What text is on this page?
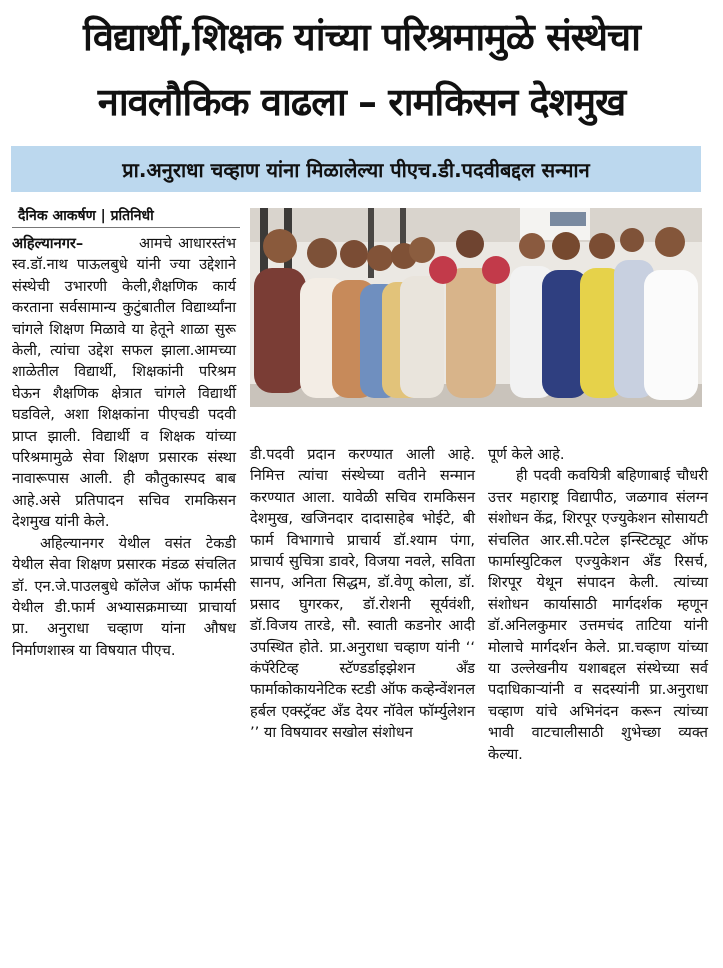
विद्यार्थी,शिक्षक यांच्या परिश्रमामुळे संस्थेचा
नावलौकिक वाढला – रामकिसन देशमुख
प्रा.अनुराधा चव्हाण यांना मिळालेल्या पीएच.डी.पदवीबद्दल सन्मान
दैनिक आकर्षण | प्रतिनिधी

अहिल्यानगर–	आमचे आधारस्तंभ स्व.डॉ.नाथ पाऊलबुधे यांनी ज्या उद्देशाने संस्थेची उभारणी केली,शैक्षणिक कार्य करताना सर्वसामान्य कुटुंबातील विद्यार्थ्यांना चांगले शिक्षण मिळावे या हेतूने शाळा सुरू केली, त्यांचा उद्देश सफल झाला.आमच्या शाळेतील विद्यार्थी, शिक्षकांनी परिश्रम घेऊन शैक्षणिक क्षेत्रात चांगले विद्यार्थी घडविले, अशा शिक्षकांना पीएचडी पदवी प्राप्त झाली. विद्यार्थी व शिक्षक यांच्या परिश्रमामुळे सेवा शिक्षण प्रसारक संस्था नावारूपास आली. ही कौतुकास्पद बाब आहे.असे प्रतिपादन सचिव रामकिसन देशमुख यांनी केले.

अहिल्यानगर येथील वसंत टेकडी येथील सेवा शिक्षण प्रसारक मंडळ संचलित डॉ. एन.जे.पाउलबुधे कॉलेज ऑफ फार्मसी येथील डी.फार्म अभ्यासक्रमाच्या प्राचार्या प्रा. अनुराधा चव्हाण यांना औषध निर्माणशास्त्र या विषयात पीएच.

डी.पदवी प्रदान करण्यात आली आहे. निमित्त त्यांचा संस्थेच्या वतीने सन्मान करण्यात आला. यावेळी सचिव रामकिसन देशमुख, खजिनदार दादासाहेब भोईटे, बी फार्म विभागाचे प्राचार्य डॉ.श्याम पंगा, प्राचार्य सुचित्रा डावरे, विजया नवले, सविता सानप, अनिता सिद्धम, डॉ.वेणू कोला, डॉ. प्रसाद घुगरकर, डॉ.रोशनी सूर्यवंशी, डॉ.विजय तारडे, सौ. स्वाती कडनोर आदी उपस्थित होते. प्रा.अनुराधा चव्हाण यांनी ‘‘ कंपॅरेटिव्ह स्टॅण्डर्डाइझेशन अँड फार्माकोकायनेटिक स्टडी ऑफ कव्हेन्वेंशनल हर्बल एक्स्ट्रॅक्ट अँड देयर नॉवेल फॉर्म्युलेशन ’’ या विषयावर सखोल संशोधन

पूर्ण केले आहे.

ही पदवी कवयित्री बहिणाबाई चौधरी उत्तर महाराष्ट्र विद्यापीठ, जळगाव संलग्न संशोधन केंद्र, शिरपूर एज्युकेशन सोसायटी संचलित आर.सी.पटेल इन्स्टिट्यूट ऑफ फार्मास्युटिकल एज्युकेशन अँड रिसर्च, शिरपूर येथून संपादन केली. त्यांच्या संशोधन कार्यासाठी मार्गदर्शक म्हणून डॉ.अनिलकुमार उत्तमचंद ताटिया यांनी मोलाचे मार्गदर्शन केले. प्रा.चव्हाण यांच्या या उल्लेखनीय यशाबद्दल संस्थेच्या सर्व पदाधिकाऱ्यांनी व सदस्यांनी प्रा.अनुराधा चव्हाण यांचे अभिनंदन करून त्यांच्या भावी वाटचालीसाठी शुभेच्छा व्यक्त केल्या.
